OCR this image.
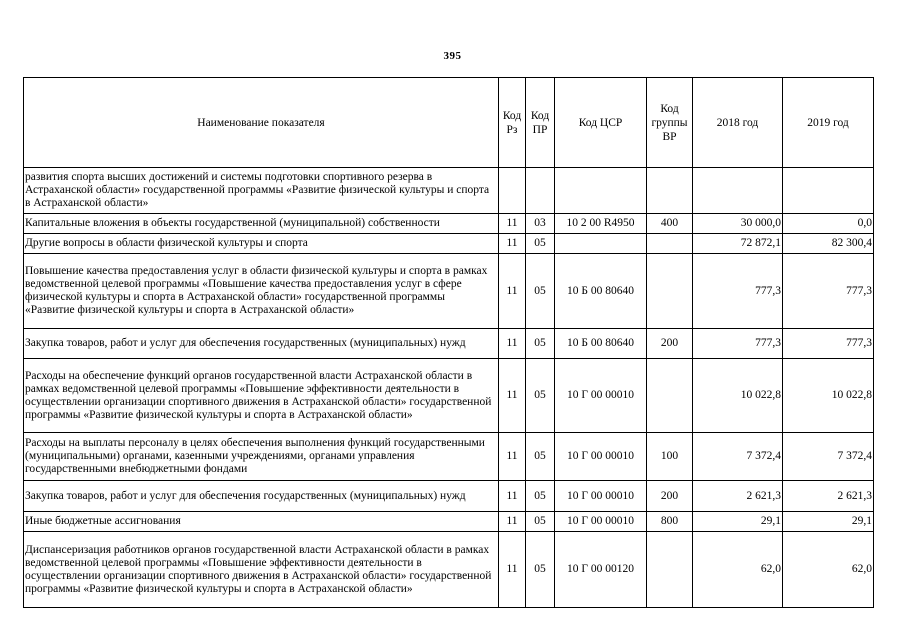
395
Наименование показателя	Код Рз	Код ПР	Код ЦСР	Код группы ВР	2018 год	2019 год
развития спорта высших достижений и системы подготовки спортивного резерва в Астраханской области» государственной программы «Развитие физической культуры и спорта в Астраханской области»						
Капитальные вложения в объекты государственной (муниципальной) собственности	11	03	10 2 00 R4950	400	30 000,0	0,0
Другие вопросы в области физической культуры и спорта	11	05			72 872,1	82 300,4
Повышение качества предоставления услуг в области физической культуры и спорта в рамках ведомственной целевой программы «Повышение качества предоставления услуг в сфере физической культуры и спорта в Астраханской области» государственной программы «Развитие физической культуры и спорта в Астраханской области»	11	05	10 Б 00 80640		777,3	777,3
Закупка товаров, работ и услуг для обеспечения государственных (муниципальных) нужд	11	05	10 Б 00 80640	200	777,3	777,3
Расходы на обеспечение функций органов государственной власти Астраханской области в рамках ведомственной целевой программы «Повышение эффективности деятельности в осуществлении организации спортивного движения в Астраханской области» государственной программы «Развитие физической культуры и спорта в Астраханской области»	11	05	10 Г 00 00010		10 022,8	10 022,8
Расходы на выплаты персоналу в целях обеспечения выполнения функций государственными (муниципальными) органами, казенными учреждениями, органами управления государственными внебюджетными фондами	11	05	10 Г 00 00010	100	7 372,4	7 372,4
Закупка товаров, работ и услуг для обеспечения государственных (муниципальных) нужд	11	05	10 Г 00 00010	200	2 621,3	2 621,3
Иные бюджетные ассигнования	11	05	10 Г 00 00010	800	29,1	29,1
Диспансеризация работников органов государственной власти Астраханской области в рамках ведомственной целевой программы «Повышение эффективности деятельности в осуществлении организации спортивного движения в Астраханской области» государственной программы «Развитие физической культуры и спорта в Астраханской области»	11	05	10 Г 00 00120		62,0	62,0
